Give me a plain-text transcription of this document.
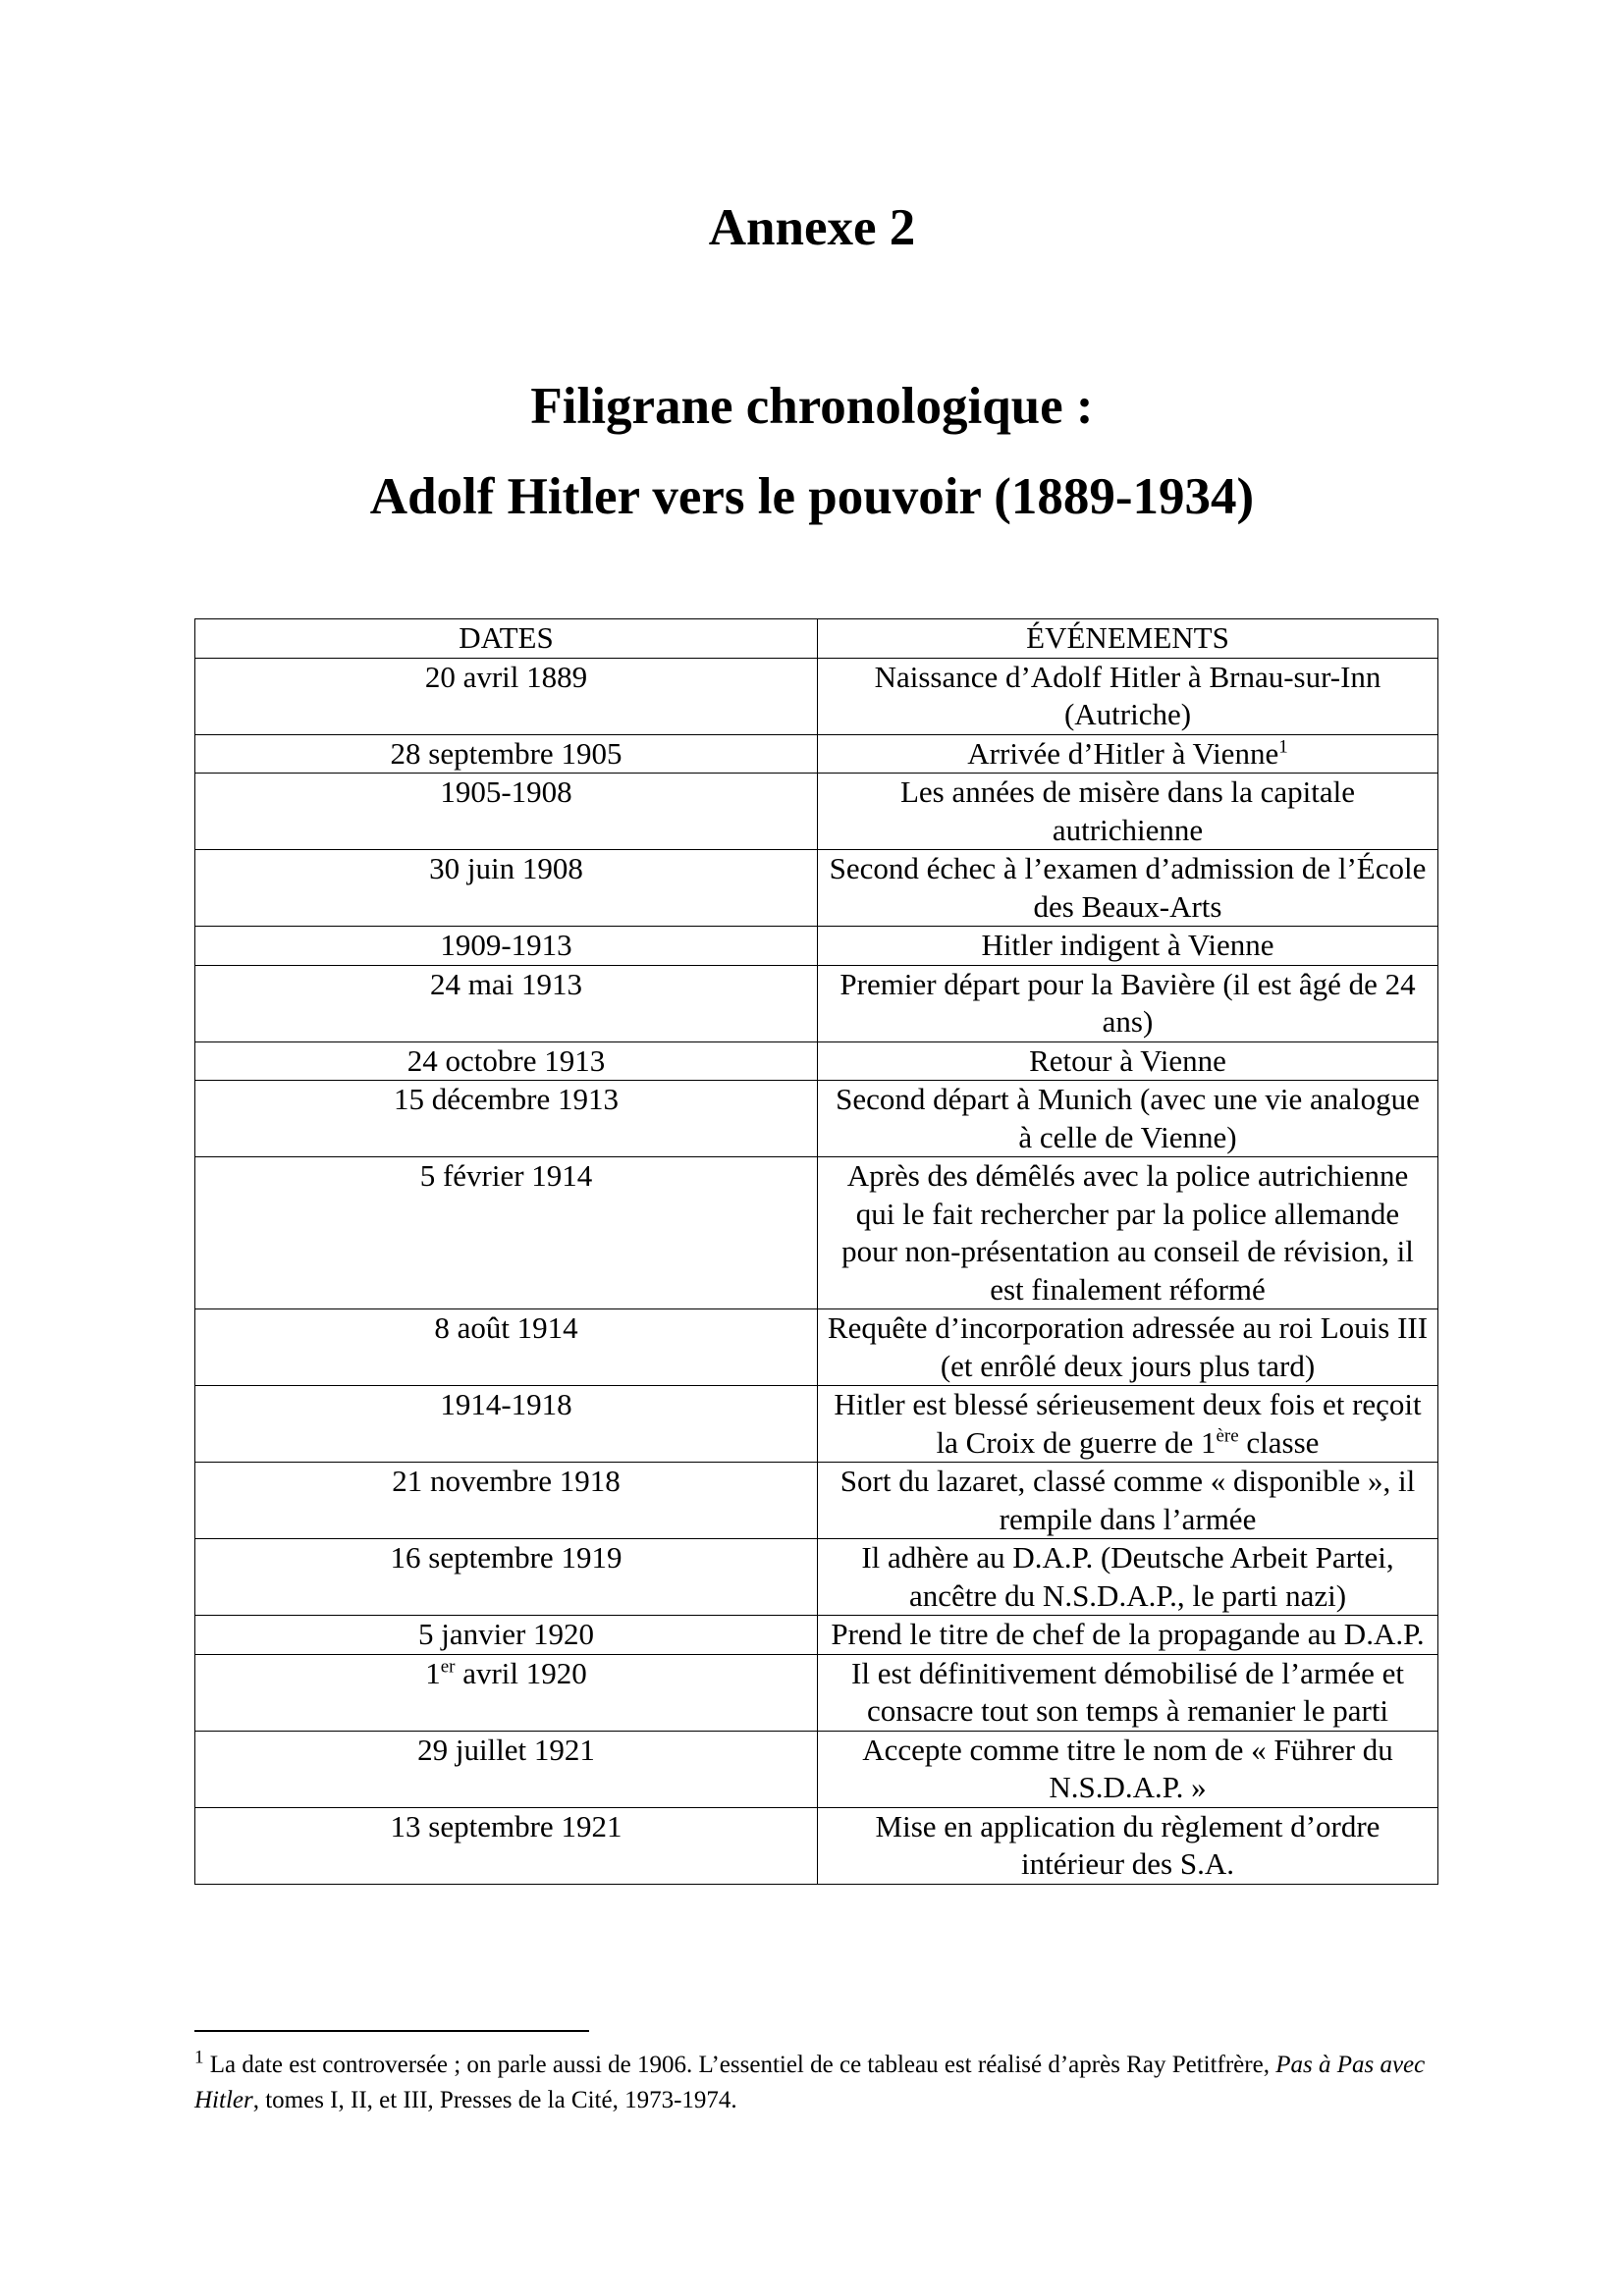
Annexe 2
Filigrane chronologique :
Adolf Hitler vers le pouvoir (1889-1934)
DATES	ÉVÉNEMENTS
20 avril 1889	Naissance d’Adolf Hitler à Brnau-sur-Inn (Autriche)
28 septembre 1905	Arrivée d’Hitler à Vienne$^1$
1905-1908	Les années de misère dans la capitale autrichienne
30 juin 1908	Second échec à l’examen d’admission de l’École des Beaux-Arts
1909-1913	Hitler indigent à Vienne
24 mai 1913	Premier départ pour la Bavière (il est âgé de 24 ans)
24 octobre 1913	Retour à Vienne
15 décembre 1913	Second départ à Munich (avec une vie analogue à celle de Vienne)
5 février 1914	Après des démêlés avec la police autrichienne qui le fait rechercher par la police allemande pour non-présentation au conseil de révision, il est finalement réformé
8 août 1914	Requête d’incorporation adressée au roi Louis III (et enrôlé deux jours plus tard)
1914-1918	Hitler est blessé sérieusement deux fois et reçoit la Croix de guerre de 1ère classe
21 novembre 1918	Sort du lazaret, classé comme « disponible », il rempile dans l’armée
16 septembre 1919	Il adhère au D.A.P. (Deutsche Arbeit Partei, ancêtre du N.S.D.A.P., le parti nazi)
5 janvier 1920	Prend le titre de chef de la propagande au D.A.P.
1er avril 1920	Il est définitivement démobilisé de l’armée et consacre tout son temps à remanier le parti
29 juillet 1921	Accepte comme titre le nom de « Führer du N.S.D.A.P. »
13 septembre 1921	Mise en application du règlement d’ordre intérieur des S.A.
$^1$ La date est controversée ; on parle aussi de 1906. L’essentiel de ce tableau est réalisé d’après Ray Petitfrère, Pas à Pas avec Hitler, tomes I, II, et III, Presses de la Cité, 1973-1974.
